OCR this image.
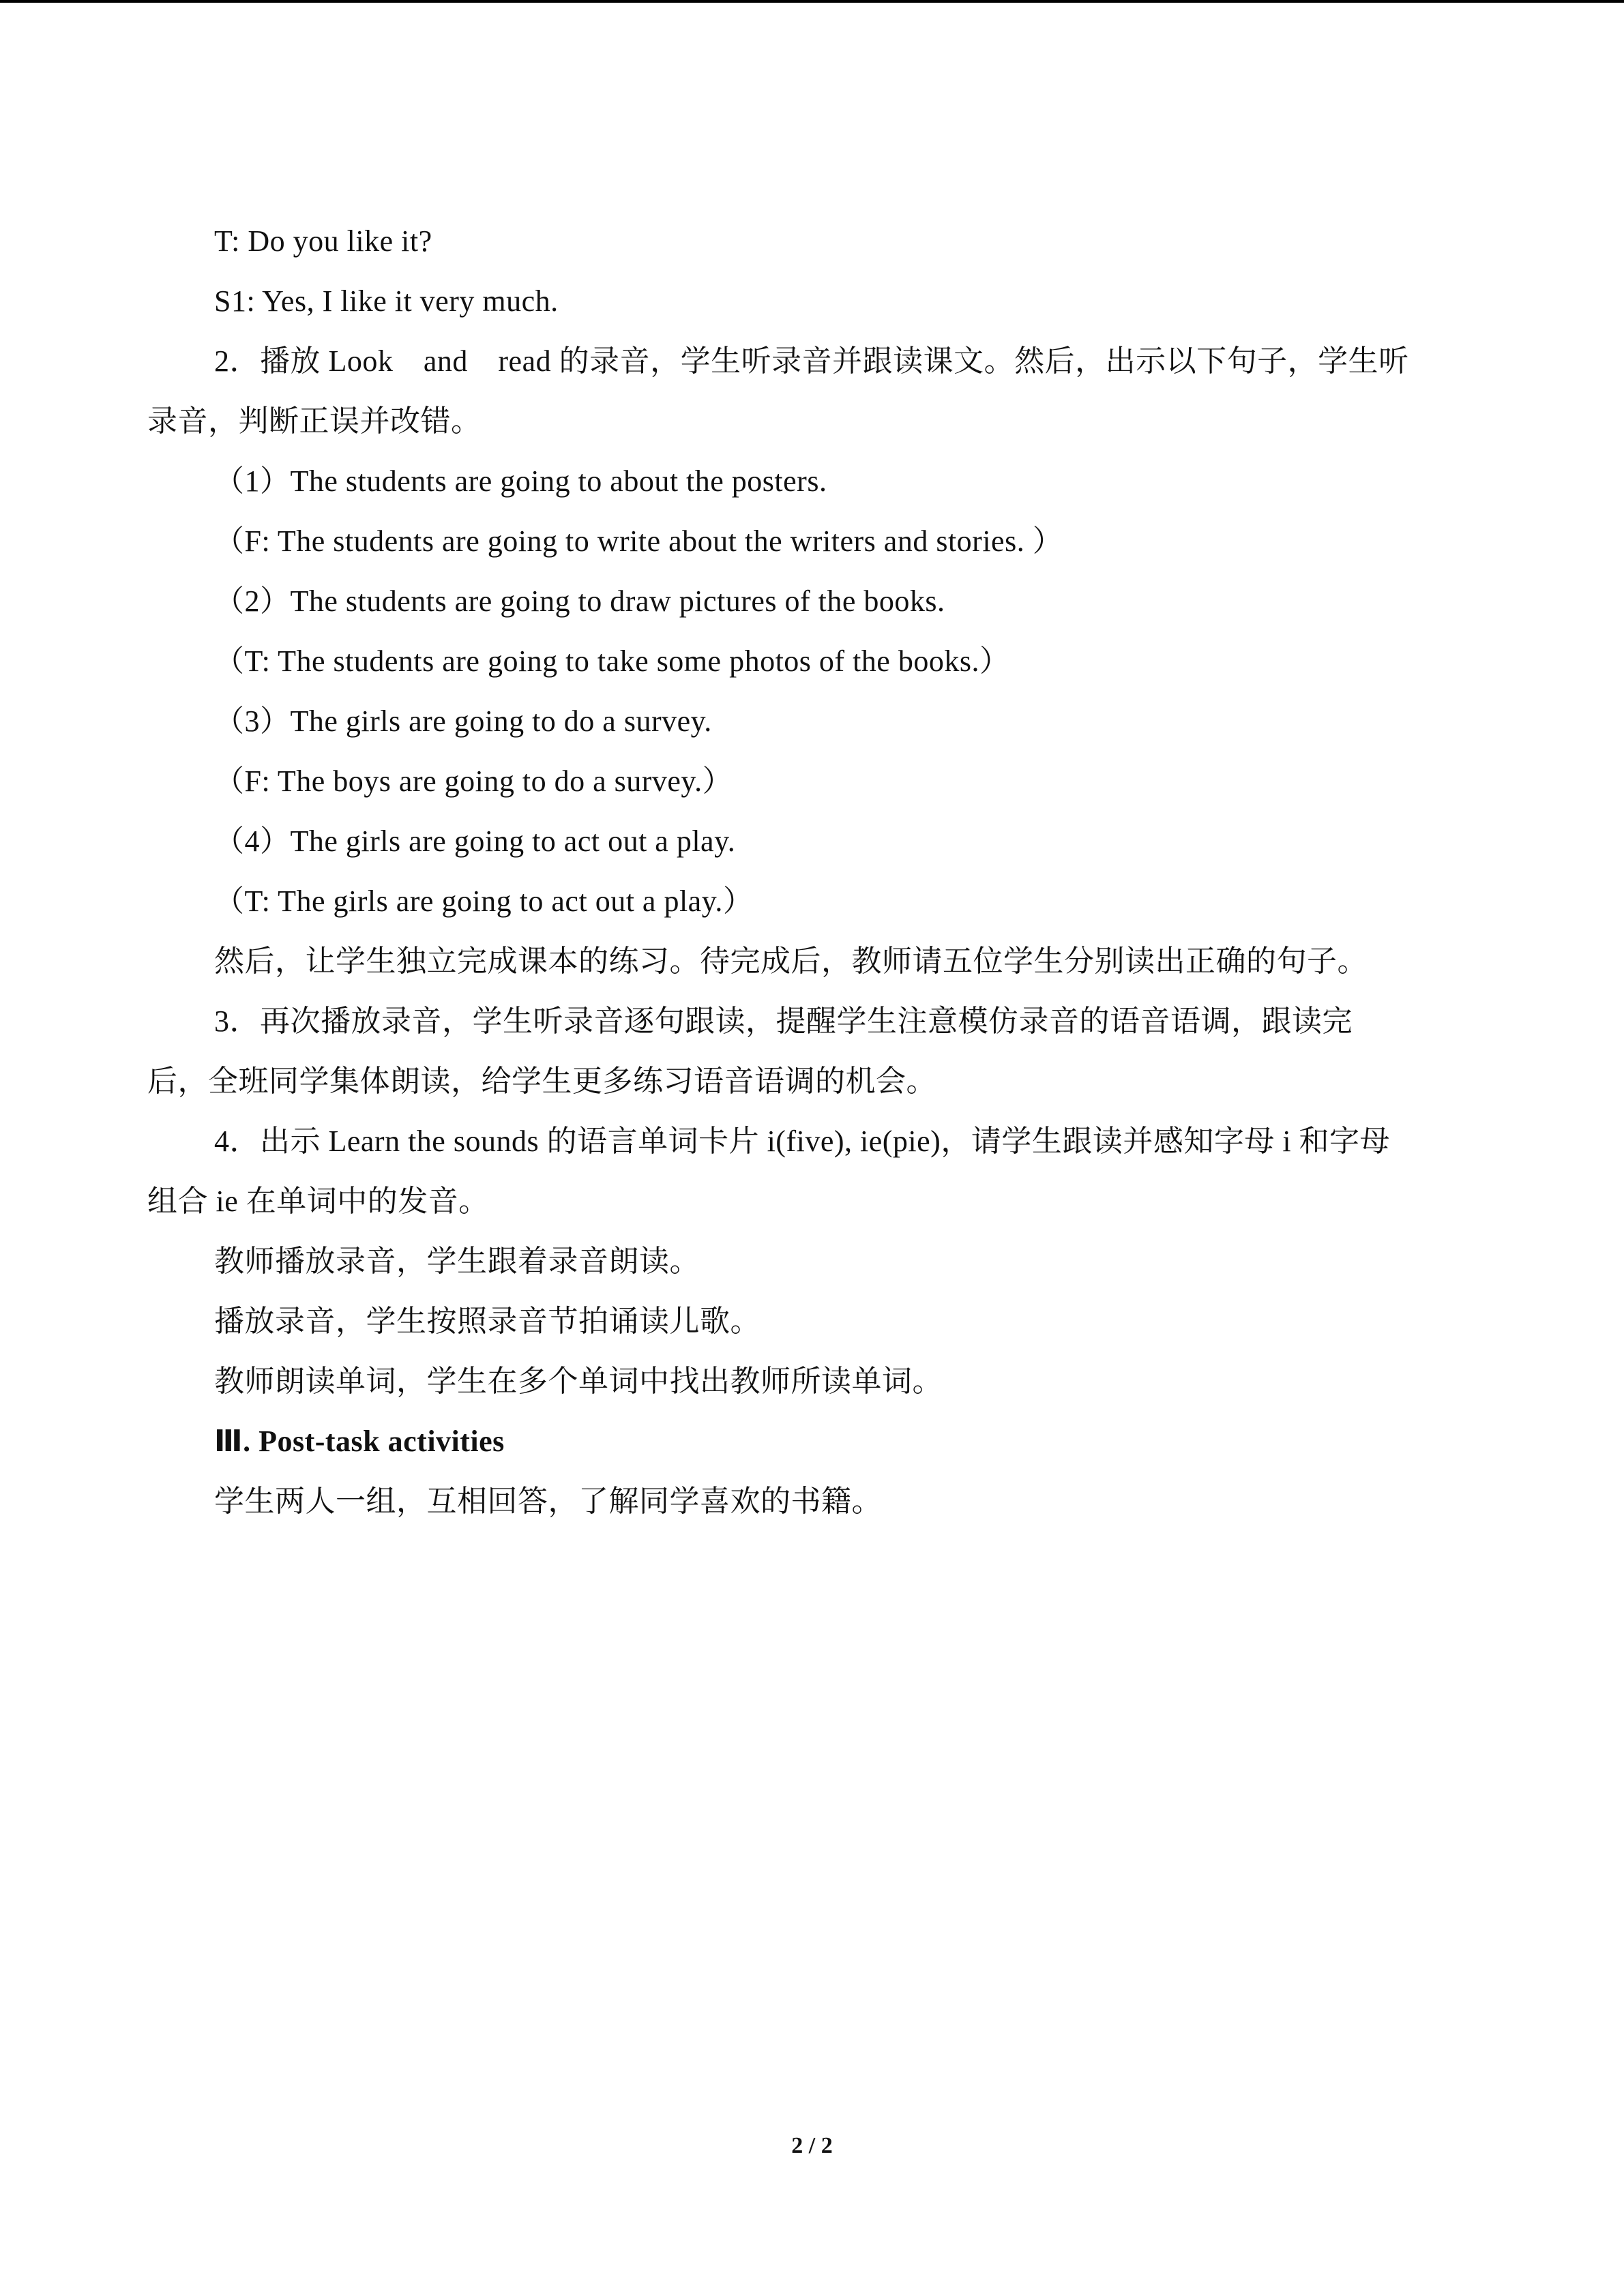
T: Do you like it?
S1: Yes, I like it very much.
2．播放 Look　and　read 的录音，学生听录音并跟读课文。然后，出示以下句子，学生听
录音，判断正误并改错。
（1）The students are going to about the posters.
（F: The students are going to write about the writers and stories. ）
（2）The students are going to draw pictures of the books.
（T: The students are going to take some photos of the books.）
（3）The girls are going to do a survey.
（F: The boys are going to do a survey.）
（4）The girls are going to act out a play.
（T: The girls are going to act out a play.）
然后，让学生独立完成课本的练习。待完成后，教师请五位学生分别读出正确的句子。
3．再次播放录音，学生听录音逐句跟读，提醒学生注意模仿录音的语音语调，跟读完
后，全班同学集体朗读，给学生更多练习语音语调的机会。
4．出示 Learn the sounds 的语言单词卡片 i(five), ie(pie)，请学生跟读并感知字母 i 和字母
组合 ie 在单词中的发音。
教师播放录音，学生跟着录音朗读。
播放录音，学生按照录音节拍诵读儿歌。
教师朗读单词，学生在多个单词中找出教师所读单词。
Ⅲ. Post-task activities
学生两人一组，互相回答，了解同学喜欢的书籍。
2 / 2
